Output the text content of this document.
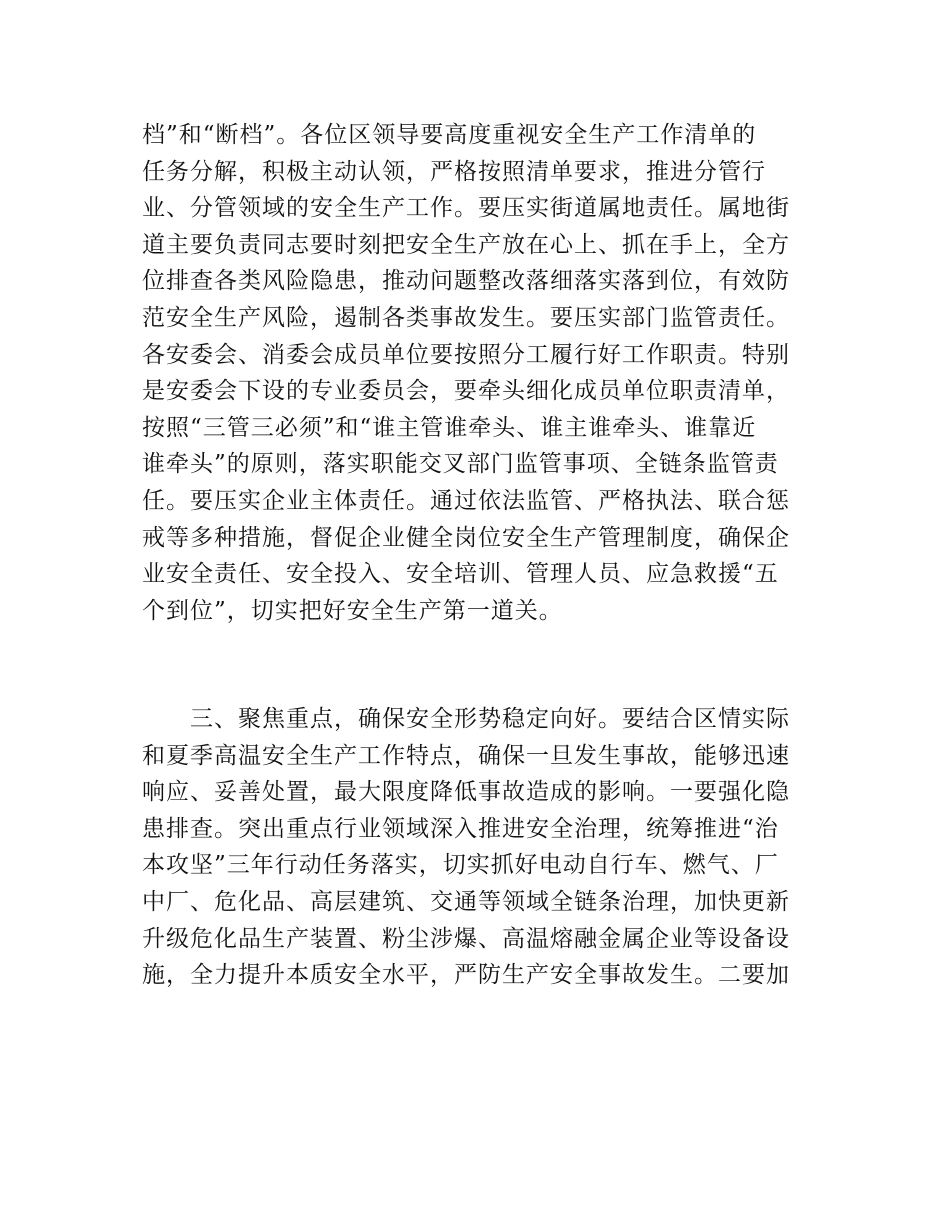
档”和“断档”。各位区领导要高度重视安全生产工作清单的
任务分解，积极主动认领，严格按照清单要求，推进分管行
业、分管领域的安全生产工作。要压实街道属地责任。属地街
道主要负责同志要时刻把安全生产放在心上、抓在手上，全方
位排查各类风险隐患，推动问题整改落细落实落到位，有效防
范安全生产风险，遏制各类事故发生。要压实部门监管责任。
各安委会、消委会成员单位要按照分工履行好工作职责。特别
是安委会下设的专业委员会，要牵头细化成员单位职责清单，
按照“三管三必须”和“谁主管谁牵头、谁主谁牵头、谁靠近
谁牵头”的原则，落实职能交叉部门监管事项、全链条监管责
任。要压实企业主体责任。通过依法监管、严格执法、联合惩
戒等多种措施，督促企业健全岗位安全生产管理制度，确保企
业安全责任、安全投入、安全培训、管理人员、应急救援“五
个到位”，切实把好安全生产第一道关。
三、聚焦重点，确保安全形势稳定向好。要结合区情实际
和夏季高温安全生产工作特点，确保一旦发生事故，能够迅速
响应、妥善处置，最大限度降低事故造成的影响。一要强化隐
患排查。突出重点行业领域深入推进安全治理，统筹推进“治
本攻坚”三年行动任务落实，切实抓好电动自行车、燃气、厂
中厂、危化品、高层建筑、交通等领域全链条治理，加快更新
升级危化品生产装置、粉尘涉爆、高温熔融金属企业等设备设
施，全力提升本质安全水平，严防生产安全事故发生。二要加
